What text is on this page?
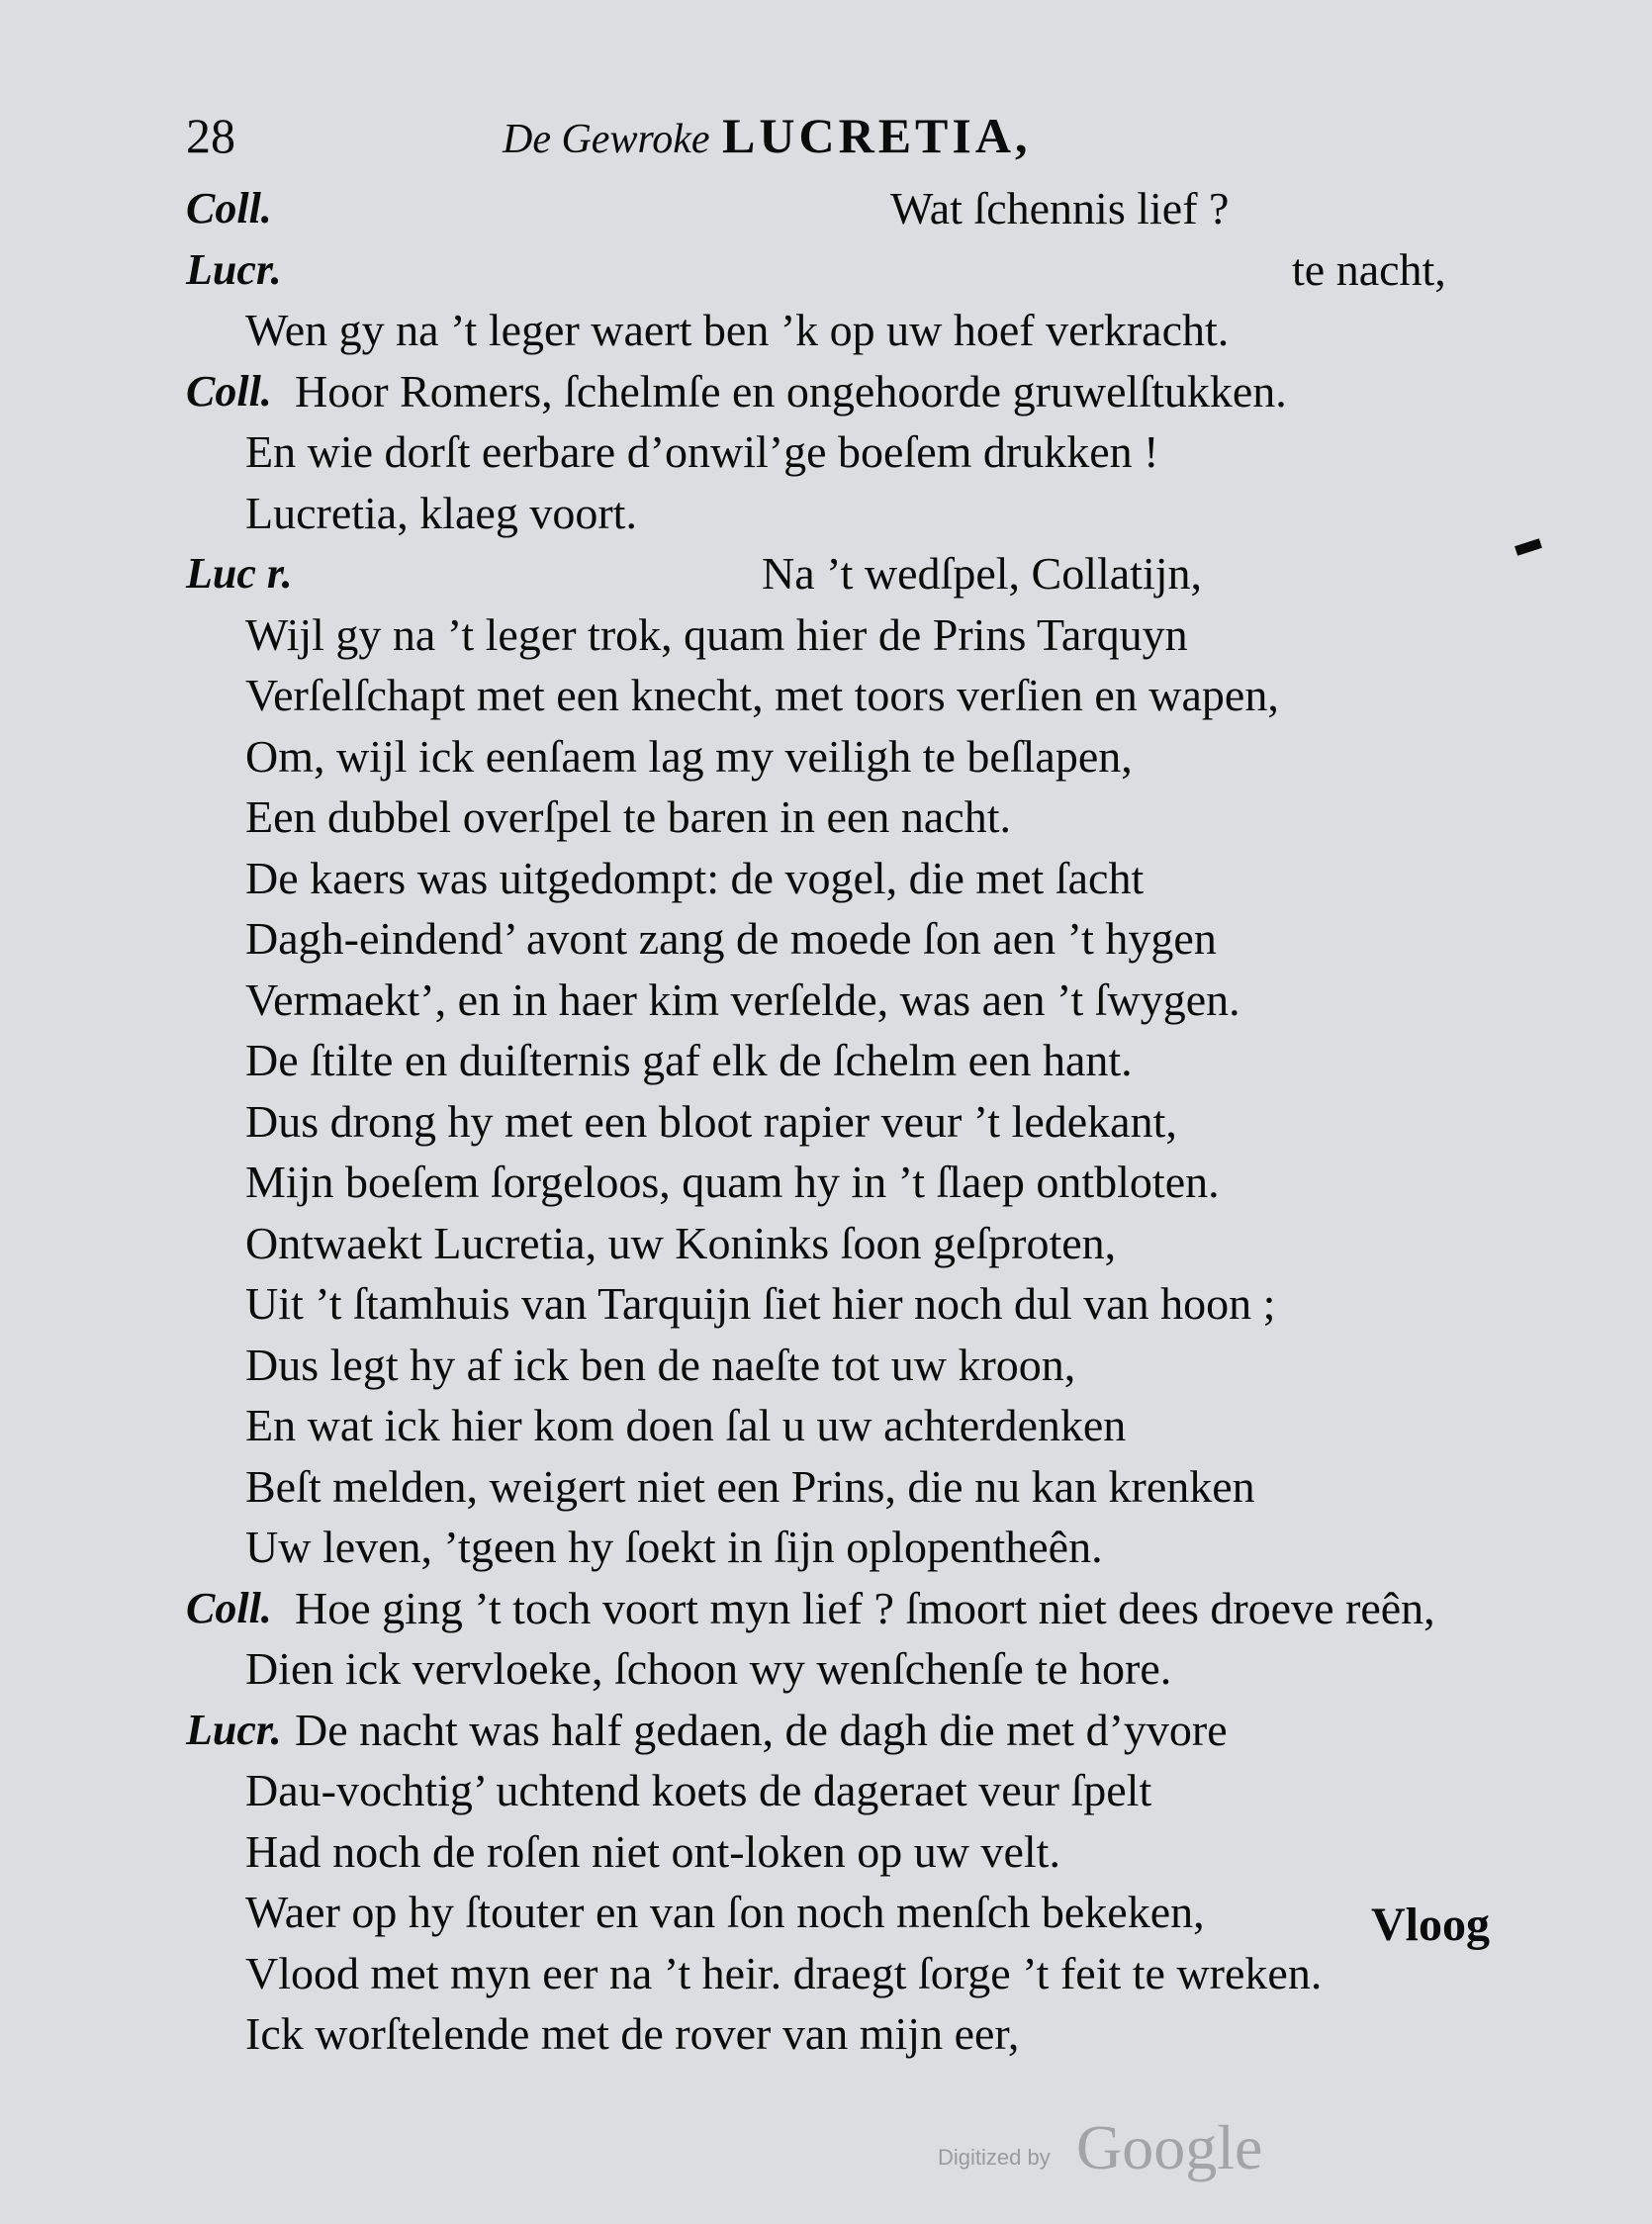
28	De Gewroke LUCRETIA,
Coll.	Wat ſchennis lief ?
Lucr.	te nacht,
Wen gy na ’t leger waert ben ’k op uw hoef verkracht.
Coll. Hoor Romers, ſchelmſe en ongehoorde gruwelſtukken.
En wie dorſt eerbare d’onwil’ge boeſem drukken !
Lucretia, klaeg voort.
Luc r.	Na ’t wedſpel, Collatijn,
Wijl gy na ’t leger trok, quam hier de Prins Tarquyn
Verſelſchapt met een knecht, met toors verſien en wapen,
Om, wijl ick eenſaem lag my veiligh te beſlapen,
Een dubbel overſpel te baren in een nacht.
De kaers was uitgedompt: de vogel, die met ſacht
Dagh-eindend’ avont zang de moede ſon aen ’t hygen
Vermaekt’, en in haer kim verſelde, was aen ’t ſwygen.
De ſtilte en duiſternis gaf elk de ſchelm een hant.
Dus drong hy met een bloot rapier veur ’t ledekant,
Mijn boeſem ſorgeloos, quam hy in ’t ſlaep ontbloten.
Ontwaekt Lucretia, uw Koninks ſoon geſproten,
Uit ’t ſtamhuis van Tarquijn ſiet hier noch dul van hoon ;
Dus legt hy af ick ben de naeſte tot uw kroon,
En wat ick hier kom doen ſal u uw achterdenken
Beſt melden, weigert niet een Prins, die nu kan krenken
Uw leven, ’tgeen hy ſoekt in ſijn oplopentheên.
Coll. Hoe ging ’t toch voort myn lief ? ſmoort niet dees droeve reên,
Dien ick vervloeke, ſchoon wy wenſchenſe te hore.
Lucr. De nacht was half gedaen, de dagh die met d’yvore
Dau-vochtig’ uchtend koets de dageraet veur ſpelt
Had noch de roſen niet ont-loken op uw velt.
Waer op hy ſtouter en van ſon noch menſch bekeken,
Vlood met myn eer na ’t heir. draegt ſorge ’t feit te wreken.
Ick worſtelende met de rover van mijn eer,
Vloog
Digitized by Google
